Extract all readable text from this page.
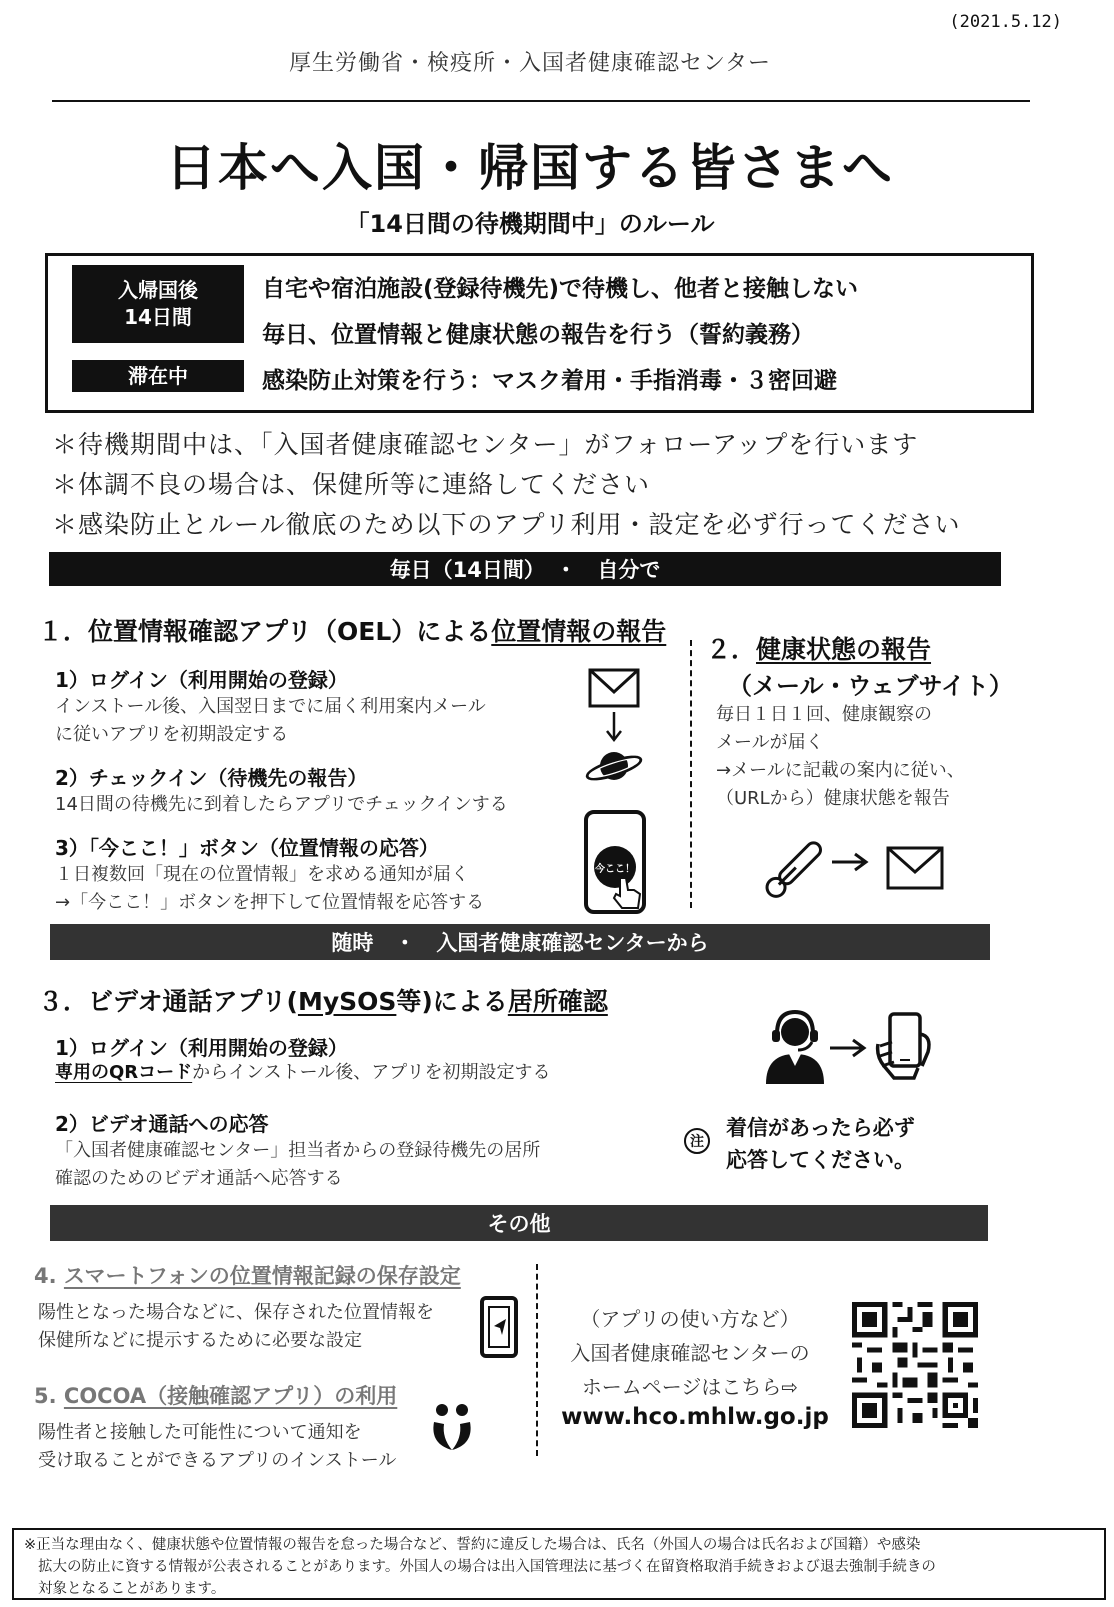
(2021.5.12)
厚生労働省・検疫所・入国者健康確認センター
日本へ入国・帰国する皆さまへ
「14日間の待機期間中」のルール
入帰国後
14日間
自宅や宿泊施設(登録待機先)で待機し、他者と接触しない
毎日、位置情報と健康状態の報告を行う（誓約義務）
滞在中	感染防止対策を行う：マスク着用・手指消毒・３密回避
＊待機期間中は、「入国者健康確認センター」がフォローアップを行います
＊体調不良の場合は、保健所等に連絡してください
＊感染防止とルール徹底のため以下のアプリ利用・設定を必ず行ってください
毎日（14日間）　・　自分で
１．位置情報確認アプリ（OEL）による位置情報の報告
1）ログイン（利用開始の登録）
インストール後、入国翌日までに届く利用案内メール
に従いアプリを初期設定する
2）チェックイン（待機先の報告）
14日間の待機先に到着したらアプリでチェックインする
3）「今ここ！」ボタン（位置情報の応答）
１日複数回「現在の位置情報」を求める通知が届く
→「今ここ！」ボタンを押下して位置情報を応答する
今ここ！
２．健康状態の報告
（メール・ウェブサイト）
毎日１日１回、健康観察の
メールが届く
→メールに記載の案内に従い、
（URLから）健康状態を報告
随時　・　入国者健康確認センターから
３．ビデオ通話アプリ(MySOS等)による居所確認
1）ログイン（利用開始の登録）
専用のQRコードからインストール後、アプリを初期設定する
2）ビデオ通話への応答
「入国者健康確認センター」担当者からの登録待機先の居所
確認のためのビデオ通話へ応答する
注
着信があったら必ず
応答してください。
その他
4. スマートフォンの位置情報記録の保存設定
陽性となった場合などに、保存された位置情報を
保健所などに提示するために必要な設定
5. COCOA（接触確認アプリ）の利用
陽性者と接触した可能性について通知を
受け取ることができるアプリのインストール
（アプリの使い方など）
入国者健康確認センターの
ホームページはこちら⇨
www.hco.mhlw.go.jp
※正当な理由なく、健康状態や位置情報の報告を怠った場合など、誓約に違反した場合は、氏名（外国人の場合は氏名および国籍）や感染
拡大の防止に資する情報が公表されることがあります。外国人の場合は出入国管理法に基づく在留資格取消手続きおよび退去強制手続きの
対象となることがあります。
